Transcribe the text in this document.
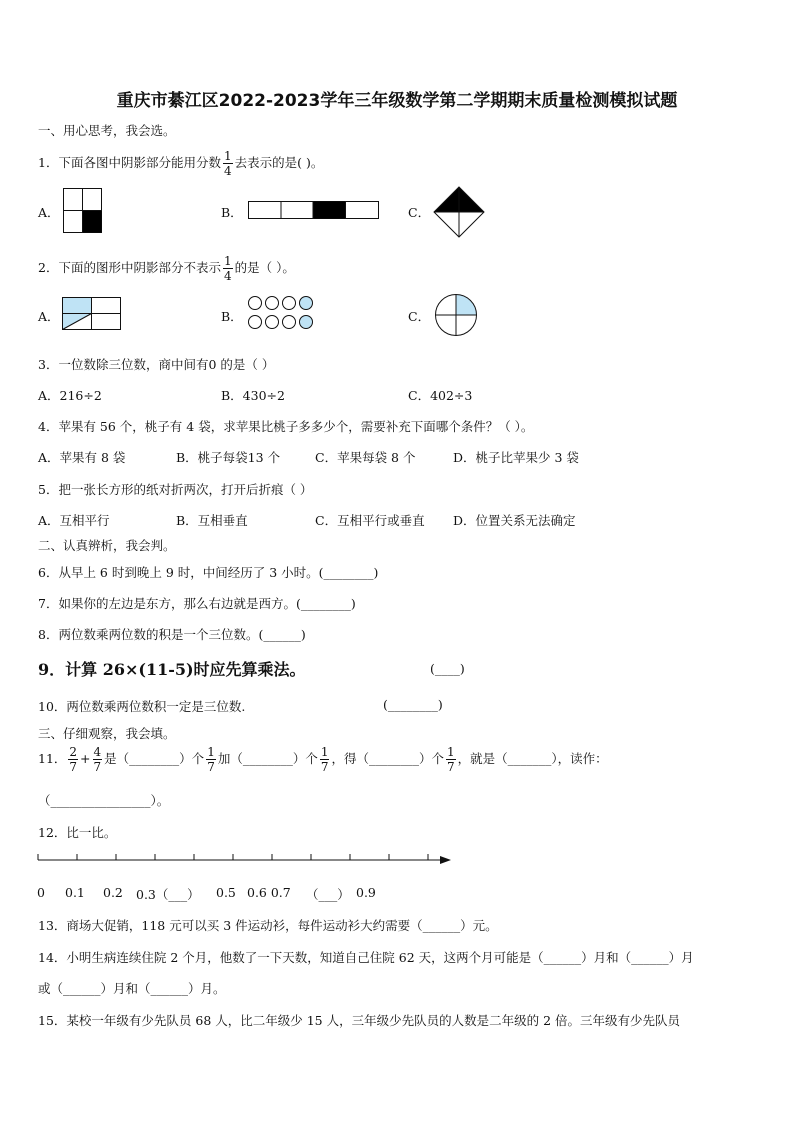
重庆市綦江区2022-2023学年三年级数学第二学期期末质量检测模拟试题
一、用心思考，我会选。
1．下面各图中阴影部分能用分数 $\frac{1}{4}$ 去表示的是( )。
A．	B．	C．
2．下面的图形中阴影部分不表示 $\frac{1}{4}$ 的是（ ）。
A．	B．	C．
3．一位数除三位数，商中间有0 的是（ ）
A．216÷2	B．430÷2	C．402÷3
4．苹果有 56 个，桃子有 4 袋，求苹果比桃子多多少个，需要补充下面哪个条件？（ ）。
A．苹果有 8 袋	B．桃子每袋13 个	C．苹果每袋 8 个	D．桃子比苹果少 3 袋
5．把一张长方形的纸对折两次，打开后折痕（ ）
A．互相平行	B．互相垂直	C．互相平行或垂直 D．位置关系无法确定
二、认真辨析，我会判。
6．从早上 6 时到晚上 9 时，中间经历了 3 小时。(________)
7．如果你的左边是东方，那么右边就是西方。(________)
8．两位数乘两位数的积是一个三位数。(______)
9．计算 26×(11-5)时应先算乘法。	(____)
10．两位数乘两位数积一定是三位数.	(________)
三、仔细观察，我会填。
11． $\frac{2}{7} + \frac{4}{7}$ 是（________）个 $\frac{1}{7}$ 加（________）个 $\frac{1}{7}$ ，得（________）个 $\frac{1}{7}$ ，就是（_______），读作：
（________________）。
12．比一比。
0 0.1 0.2 0.3（___） 0.5 0.6 0.7 （___） 0.9
13．商场大促销，118 元可以买 3 件运动衫，每件运动衫大约需要（______）元。
14．小明生病连续住院 2 个月，他数了一下天数，知道自己住院 62 天，这两个月可能是（______）月和（______）月
或（______）月和（______）月。
15．某校一年级有少先队员 68 人，比二年级少 15 人，三年级少先队员的人数是二年级的 2 倍。三年级有少先队员
